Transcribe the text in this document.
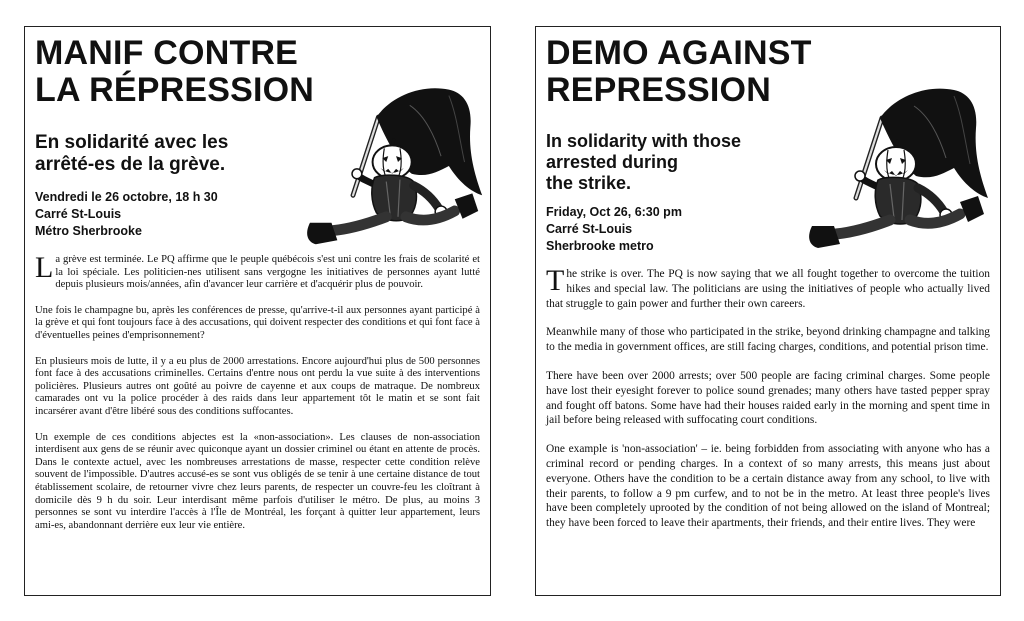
MANIF CONTRE
LA RÉPRESSION
En solidarité avec les
arrêté-es de la grève.
Vendredi le 26 octobre, 18 h 30
Carré St-Louis
Métro Sherbrooke

La grève est terminée. Le PQ affirme que le peuple québécois s'est uni contre les frais de scolarité et la loi spéciale. Les politicien-nes utilisent sans vergogne les initiatives de personnes ayant lutté depuis plusieurs mois/années, afin d'avancer leur carrière et d'acquérir plus de pouvoir.

Une fois le champagne bu, après les conférences de presse, qu'arrive-t-il aux personnes ayant participé à la grève et qui font toujours face à des accusations, qui doivent respecter des conditions et qui font face à d'éventuelles peines d'emprisonnement?

En plusieurs mois de lutte, il y a eu plus de 2000 arrestations. Encore aujourd'hui plus de 500 personnes font face à des accusations criminelles. Certains d'entre nous ont perdu la vue suite à des interventions policières. Plusieurs autres ont goûté au poivre de cayenne et aux coups de matraque. De nombreux camarades ont vu la police procéder à des raids dans leur appartement tôt le matin et se sont fait incarsérer avant d'être libéré sous des conditions suffocantes.

Un exemple de ces conditions abjectes est la «non-association». Les clauses de non-association interdisent aux gens de se réunir avec quiconque ayant un dossier criminel ou étant en attente de procès. Dans le contexte actuel, avec les nombreuses arrestations de masse, respecter cette condition relève souvent de l'impossible. D'autres accusé-es se sont vus obligés de se tenir à une certaine distance de tout établissement scolaire, de retourner vivre chez leurs parents, de respecter un couvre-feu les cloîtrant à domicile dès 9 h du soir. Leur interdisant même parfois d'utiliser le métro. De plus, au moins 3 personnes se sont vu interdire l'accès à l'Île de Montréal, les forçant à quitter leur appartement, leurs ami-es, abandonnant derrière eux leur vie entière.

DEMO AGAINST
REPRESSION
In solidarity with those
arrested during
the strike.
Friday, Oct 26, 6:30 pm
Carré St-Louis
Sherbrooke metro

The strike is over. The PQ is now saying that we all fought together to overcome the tuition hikes and special law. The politicians are using the initiatives of people who actually lived that struggle to gain power and further their own careers.

Meanwhile many of those who participated in the strike, beyond drinking champagne and talking to the media in government offices, are still facing charges, conditions, and potential prison time.

There have been over 2000 arrests; over 500 people are facing criminal charges. Some people have lost their eyesight forever to police sound grenades; many others have tasted pepper spray and fought off batons. Some have had their houses raided early in the morning and spent time in jail before being released with suffocating court conditions.

One example is 'non-association' – ie. being forbidden from associating with anyone who has a criminal record or pending charges. In a context of so many arrests, this means just about everyone. Others have the condition to be a certain distance away from any school, to live with their parents, to follow a 9 pm curfew, and to not be in the metro. At least three people's lives have been completely uprooted by the condition of not being allowed on the island of Montreal; they have been forced to leave their apartments, their friends, and their entire lives. They were
